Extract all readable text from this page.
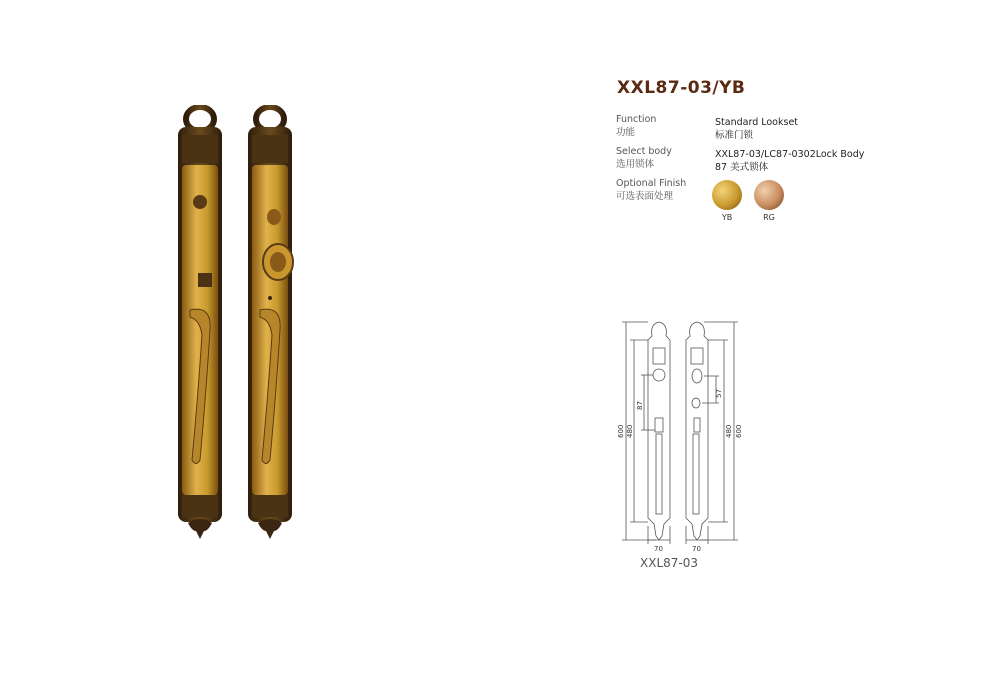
XXL87-03/YB
Function
功能
Select body
选用锁体
Optional Finish
可选表面处理
Standard Lookset
标准门锁
XXL87-03/LC87-0302Lock Body
87 美式锁体
YB	RG
600 480
87
57
480 600
70	70
XXL87-03
